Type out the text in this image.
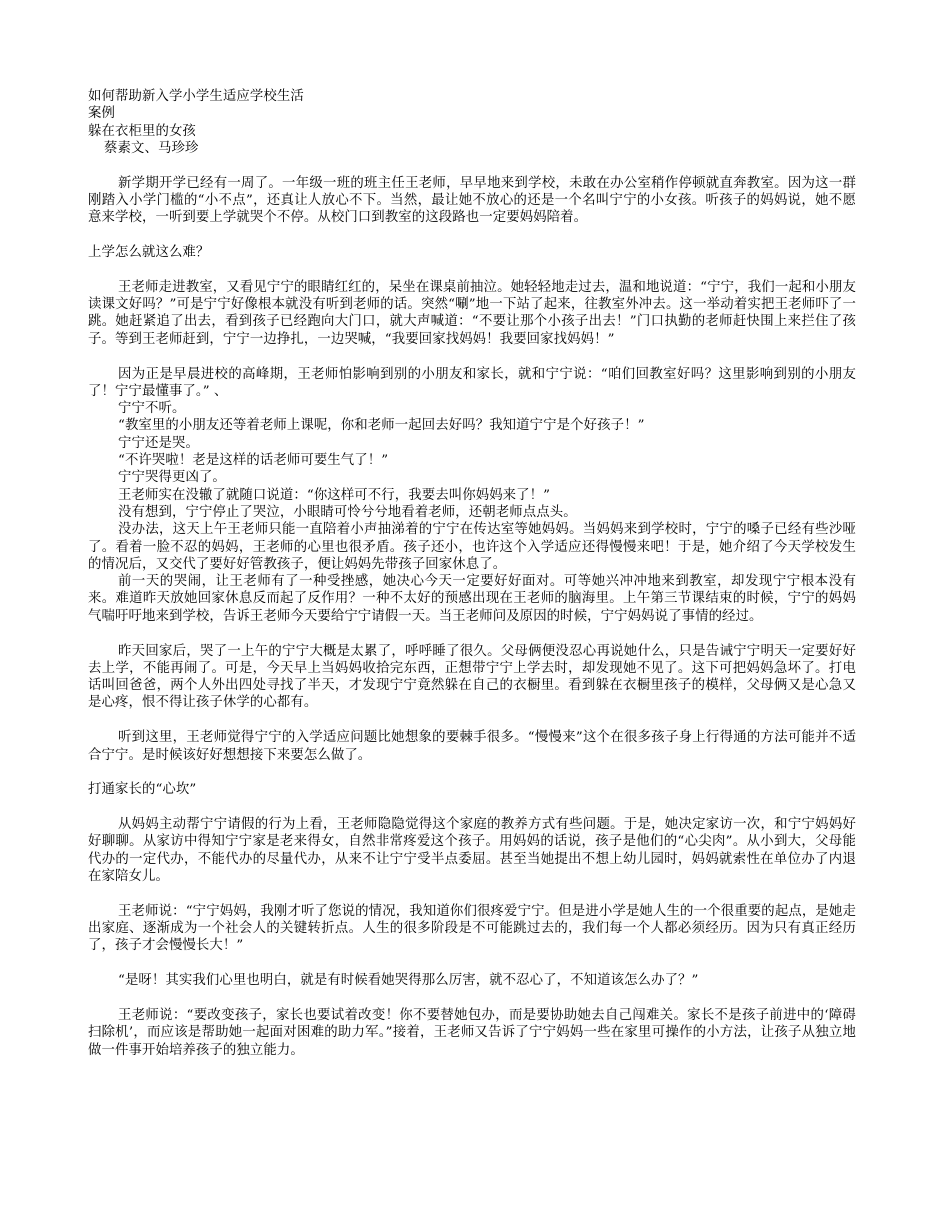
如何帮助新入学小学生适应学校生活

案例

躲在衣柜里的女孩

蔡素文、马珍珍

新学期开学已经有一周了。一年级一班的班主任王老师，早早地来到学校，未敢在办公室稍作停顿就直奔教室。因为这一群刚踏入小学门槛的“小不点”，还真让人放心不下。当然，最让她不放心的还是一个名叫宁宁的小女孩。听孩子的妈妈说，她不愿意来学校，一听到要上学就哭个不停。从校门口到教室的这段路也一定要妈妈陪着。

上学怎么就这么难？

王老师走进教室，又看见宁宁的眼睛红红的，呆坐在课桌前抽泣。她轻轻地走过去，温和地说道：“宁宁，我们一起和小朋友读课文好吗？”可是宁宁好像根本就没有听到老师的话。突然“唰”地一下站了起来，往教室外冲去。这一举动着实把王老师吓了一跳。她赶紧追了出去，看到孩子已经跑向大门口，就大声喊道：“不要让那个小孩子出去！”门口执勤的老师赶快围上来拦住了孩子。等到王老师赶到，宁宁一边挣扎，一边哭喊，“我要回家找妈妈！我要回家找妈妈！”

因为正是早晨进校的高峰期，王老师怕影响到别的小朋友和家长，就和宁宁说：“咱们回教室好吗？这里影响到别的小朋友了！宁宁最懂事了。” 、

宁宁不听。

“教室里的小朋友还等着老师上课呢，你和老师一起回去好吗？我知道宁宁是个好孩子！”

宁宁还是哭。

“不许哭啦！老是这样的话老师可要生气了！”

宁宁哭得更凶了。

王老师实在没辙了就随口说道：“你这样可不行，我要去叫你妈妈来了！”

没有想到，宁宁停止了哭泣，小眼睛可怜兮兮地看着老师，还朝老师点点头。

没办法，这天上午王老师只能一直陪着小声抽涕着的宁宁在传达室等她妈妈。当妈妈来到学校时，宁宁的嗓子已经有些沙哑了。看着一脸不忍的妈妈，王老师的心里也很矛盾。孩子还小，也许这个入学适应还得慢慢来吧！于是，她介绍了今天学校发生的情况后，又交代了要好好管教孩子，便让妈妈先带孩子回家休息了。

前一天的哭闹，让王老师有了一种受挫感，她决心今天一定要好好面对。可等她兴冲冲地来到教室，却发现宁宁根本没有来。难道昨天放她回家休息反而起了反作用？一种不太好的预感出现在王老师的脑海里。上午第三节课结束的时候，宁宁的妈妈气喘吁吁地来到学校，告诉王老师今天要给宁宁请假一天。当王老师问及原因的时候，宁宁妈妈说了事情的经过。

昨天回家后，哭了一上午的宁宁大概是太累了，呼呼睡了很久。父母俩便没忍心再说她什么，只是告诫宁宁明天一定要好好去上学，不能再闹了。可是，今天早上当妈妈收拾完东西，正想带宁宁上学去时，却发现她不见了。这下可把妈妈急坏了。打电话叫回爸爸，两个人外出四处寻找了半天，才发现宁宁竟然躲在自己的衣橱里。看到躲在衣橱里孩子的模样，父母俩又是心急又是心疼，恨不得让孩子休学的心都有。

听到这里，王老师觉得宁宁的入学适应问题比她想象的要棘手很多。“慢慢来”这个在很多孩子身上行得通的方法可能并不适合宁宁。是时候该好好想想接下来要怎么做了。

打通家长的“心坎”

从妈妈主动帮宁宁请假的行为上看，王老师隐隐觉得这个家庭的教养方式有些问题。于是，她决定家访一次，和宁宁妈妈好好聊聊。从家访中得知宁宁家是老来得女，自然非常疼爱这个孩子。用妈妈的话说，孩子是他们的“心尖肉”。从小到大，父母能代办的一定代办，不能代办的尽量代办，从来不让宁宁受半点委屈。甚至当她提出不想上幼儿园时，妈妈就索性在单位办了内退在家陪女儿。

王老师说：“宁宁妈妈，我刚才听了您说的情况，我知道你们很疼爱宁宁。但是进小学是她人生的一个很重要的起点，是她走出家庭、逐渐成为一个社会人的关键转折点。人生的很多阶段是不可能跳过去的，我们每一个人都必须经历。因为只有真正经历了，孩子才会慢慢长大！”

“是呀！其实我们心里也明白，就是有时候看她哭得那么厉害，就不忍心了，不知道该怎么办了？”

王老师说：“要改变孩子，家长也要试着改变！你不要替她包办，而是要协助她去自己闯难关。家长不是孩子前进中的‘障碍扫除机’，而应该是帮助她一起面对困难的助力军。”接着，王老师又告诉了宁宁妈妈一些在家里可操作的小方法，让孩子从独立地做一件事开始培养孩子的独立能力。
